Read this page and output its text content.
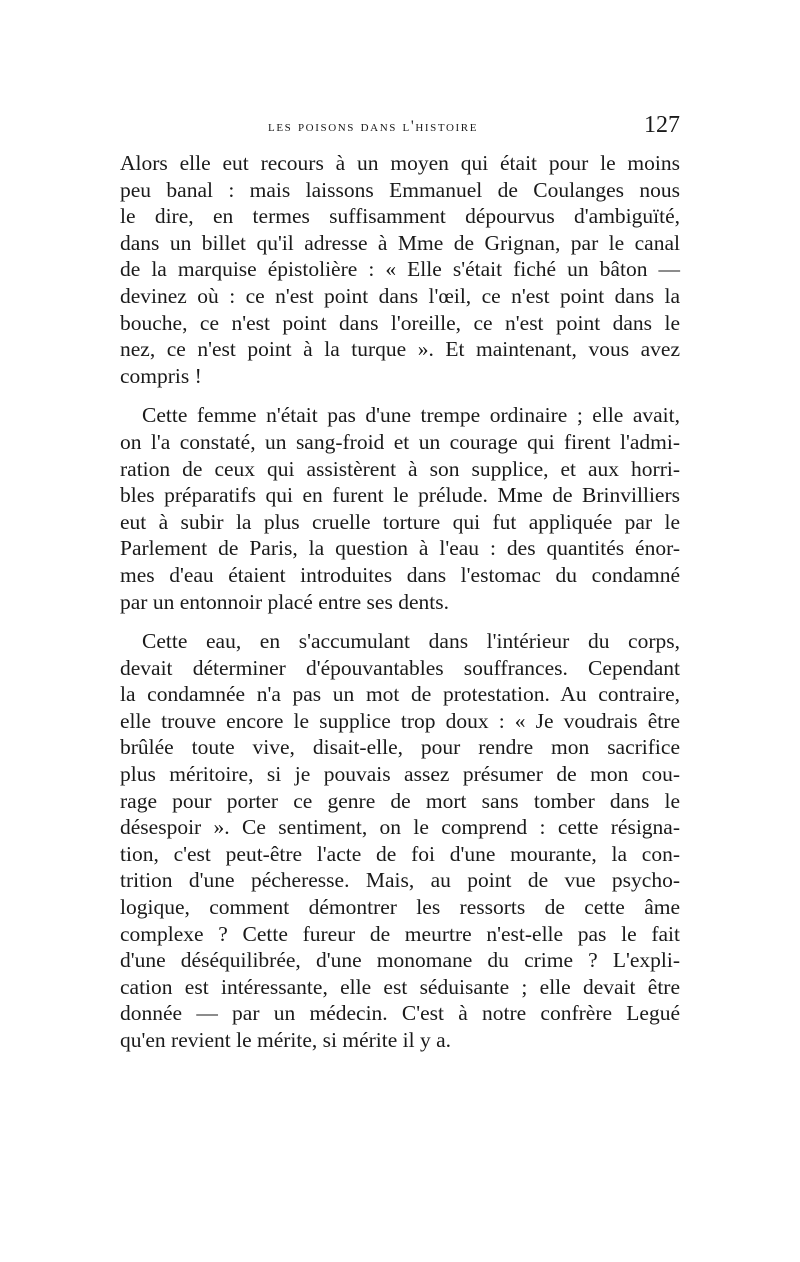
les poisons dans l'histoire	127
Alors elle eut recours à un moyen qui était pour le moins
peu banal : mais laissons Emmanuel de Coulanges nous
le dire, en termes suffisamment dépourvus d'ambiguïté,
dans un billet qu'il adresse à Mme de Grignan, par le canal
de la marquise épistolière : « Elle s'était fiché un bâton —
devinez où : ce n'est point dans l'œil, ce n'est point dans la
bouche, ce n'est point dans l'oreille, ce n'est point dans le
nez, ce n'est point à la turque ». Et maintenant, vous avez
compris !
Cette femme n'était pas d'une trempe ordinaire ; elle avait,
on l'a constaté, un sang-froid et un courage qui firent l'admi-
ration de ceux qui assistèrent à son supplice, et aux horri-
bles préparatifs qui en furent le prélude. Mme de Brinvilliers
eut à subir la plus cruelle torture qui fut appliquée par le
Parlement de Paris, la question à l'eau : des quantités énor-
mes d'eau étaient introduites dans l'estomac du condamné
par un entonnoir placé entre ses dents.
Cette eau, en s'accumulant dans l'intérieur du corps,
devait déterminer d'épouvantables souffrances. Cependant
la condamnée n'a pas un mot de protestation. Au contraire,
elle trouve encore le supplice trop doux : « Je voudrais être
brûlée toute vive, disait-elle, pour rendre mon sacrifice
plus méritoire, si je pouvais assez présumer de mon cou-
rage pour porter ce genre de mort sans tomber dans le
désespoir ». Ce sentiment, on le comprend : cette résigna-
tion, c'est peut-être l'acte de foi d'une mourante, la con-
trition d'une pécheresse. Mais, au point de vue psycho-
logique, comment démontrer les ressorts de cette âme
complexe ? Cette fureur de meurtre n'est-elle pas le fait
d'une déséquilibrée, d'une monomane du crime ? L'expli-
cation est intéressante, elle est séduisante ; elle devait être
donnée — par un médecin. C'est à notre confrère Legué
qu'en revient le mérite, si mérite il y a.
